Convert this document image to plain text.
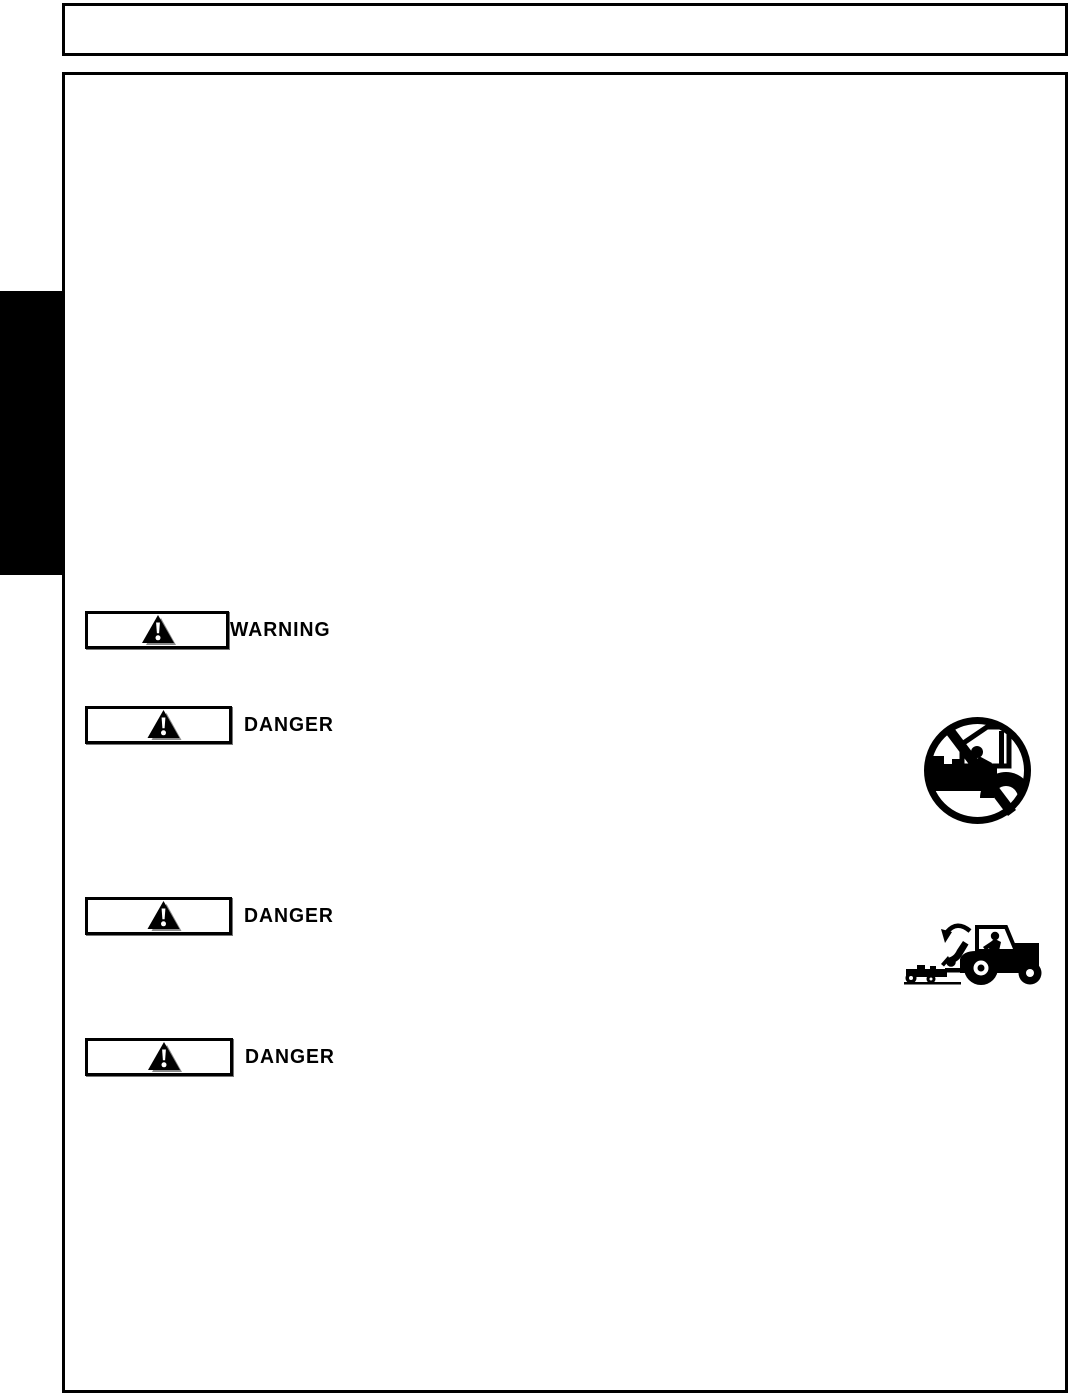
WARNING
DANGER
DANGER
DANGER
